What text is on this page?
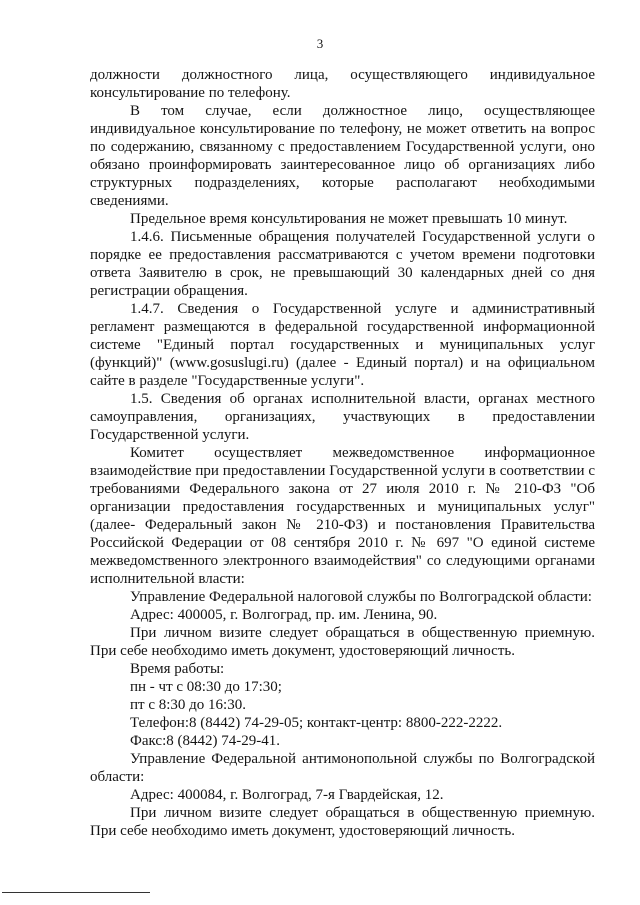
3

должности должностного лица, осуществляющего индивидуальное консультирование по телефону.

В том случае, если должностное лицо, осуществляющее индивидуальное консультирование по телефону, не может ответить на вопрос по содержанию, связанному с предоставлением Государственной услуги, оно обязано проинформировать заинтересованное лицо об организациях либо структурных подразделениях, которые располагают необходимыми сведениями.

Предельное время консультирования не может превышать 10 минут.

1.4.6. Письменные обращения получателей Государственной услуги о порядке ее предоставления рассматриваются с учетом времени подготовки ответа Заявителю в срок, не превышающий 30 календарных дней со дня регистрации обращения.

1.4.7. Сведения о Государственной услуге и административный регламент размещаются в федеральной государственной информационной системе "Единый портал государственных и муниципальных услуг (функций)" (www.gosuslugi.ru) (далее - Единый портал) и на официальном сайте в разделе "Государственные услуги".

1.5. Сведения об органах исполнительной власти, органах местного самоуправления, организациях, участвующих в предоставлении Государственной услуги.

Комитет осуществляет межведомственное информационное взаимодействие при предоставлении Государственной услуги в соответствии с требованиями Федерального закона от 27 июля 2010 г. № 210-ФЗ "Об организации предоставления государственных и муниципальных услуг" (далее- Федеральный закон № 210-ФЗ) и постановления Правительства Российской Федерации от 08 сентября 2010 г. № 697 "О единой системе межведомственного электронного взаимодействия" со следующими органами исполнительной власти:

Управление Федеральной налоговой службы по Волгоградской области:

Адрес: 400005, г. Волгоград, пр. им. Ленина, 90.

При личном визите следует обращаться в общественную приемную. При себе необходимо иметь документ, удостоверяющий личность.

Время работы:

пн - чт с 08:30 до 17:30;

пт с 8:30 до 16:30.

Телефон:8 (8442) 74-29-05; контакт-центр: 8800-222-2222.

Факс:8 (8442) 74-29-41.

Управление Федеральной антимонопольной службы по Волгоградской области:

Адрес: 400084, г. Волгоград, 7-я Гвардейская, 12.

При личном визите следует обращаться в общественную приемную. При себе необходимо иметь документ, удостоверяющий личность.
